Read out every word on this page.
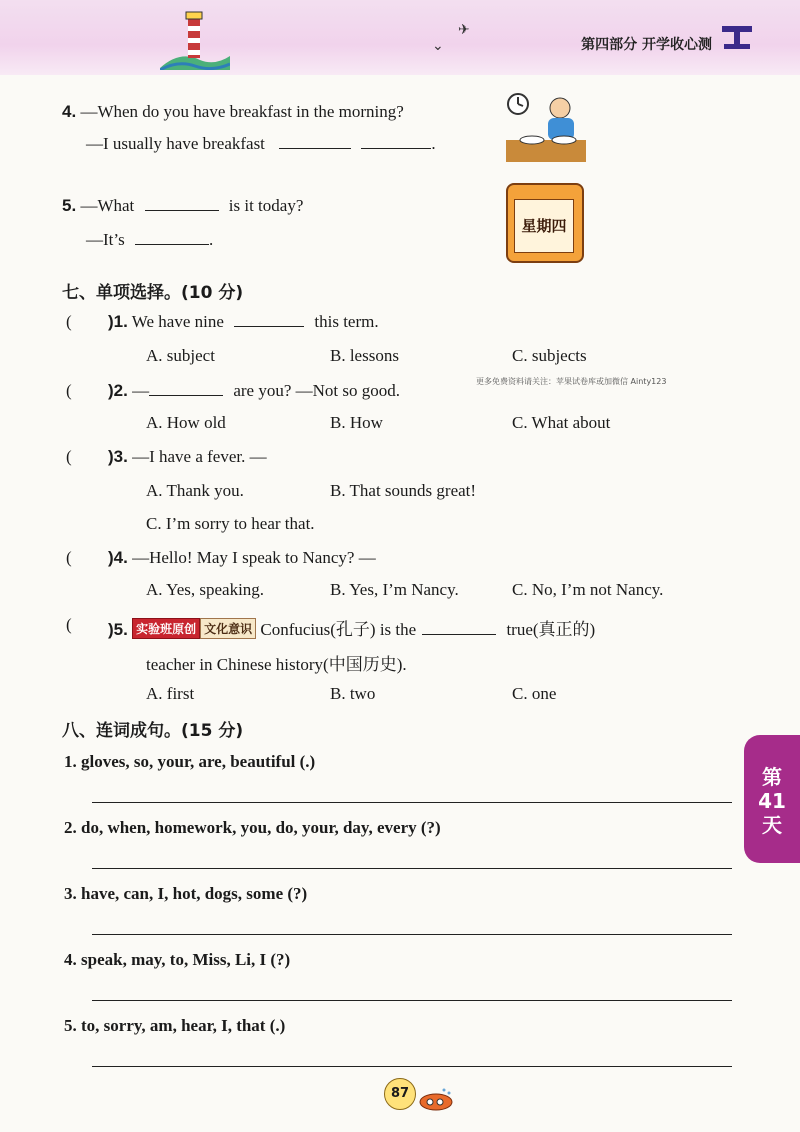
⌄
✈
第四部分 开学收心测
4. —When do you have breakfast in the morning?
—I usually have breakfast	.
5. —What	is it today?
—It’s	.
星期四
七、单项选择。(10 分)
( )1. We have nine	this term.
A. subject	B. lessons	C. subjects
( )2. —	are you? —Not so good.	更多免费资料请关注：苹果试卷库或加微信 Ainty123
A. How old	B. How	C. What about
( )3. —I have a fever. —
A. Thank you.	B. That sounds great!
C. I’m sorry to hear that.
( )4. —Hello! May I speak to Nancy? —
A. Yes, speaking.	B. Yes, I’m Nancy.	C. No, I’m not Nancy.
( )5. 实验班原创 文化意识 Confucius(孔子) is the	true(真正的)
teacher in Chinese history(中国历史).
A. first	B. two	C. one
八、连词成句。(15 分)
1. gloves, so, your, are, beautiful (.)
2. do, when, homework, you, do, your, day, every (?)
3. have, can, I, hot, dogs, some (?)
4. speak, may, to, Miss, Li, I (?)
5. to, sorry, am, hear, I, that (.)
第
41
天
87
